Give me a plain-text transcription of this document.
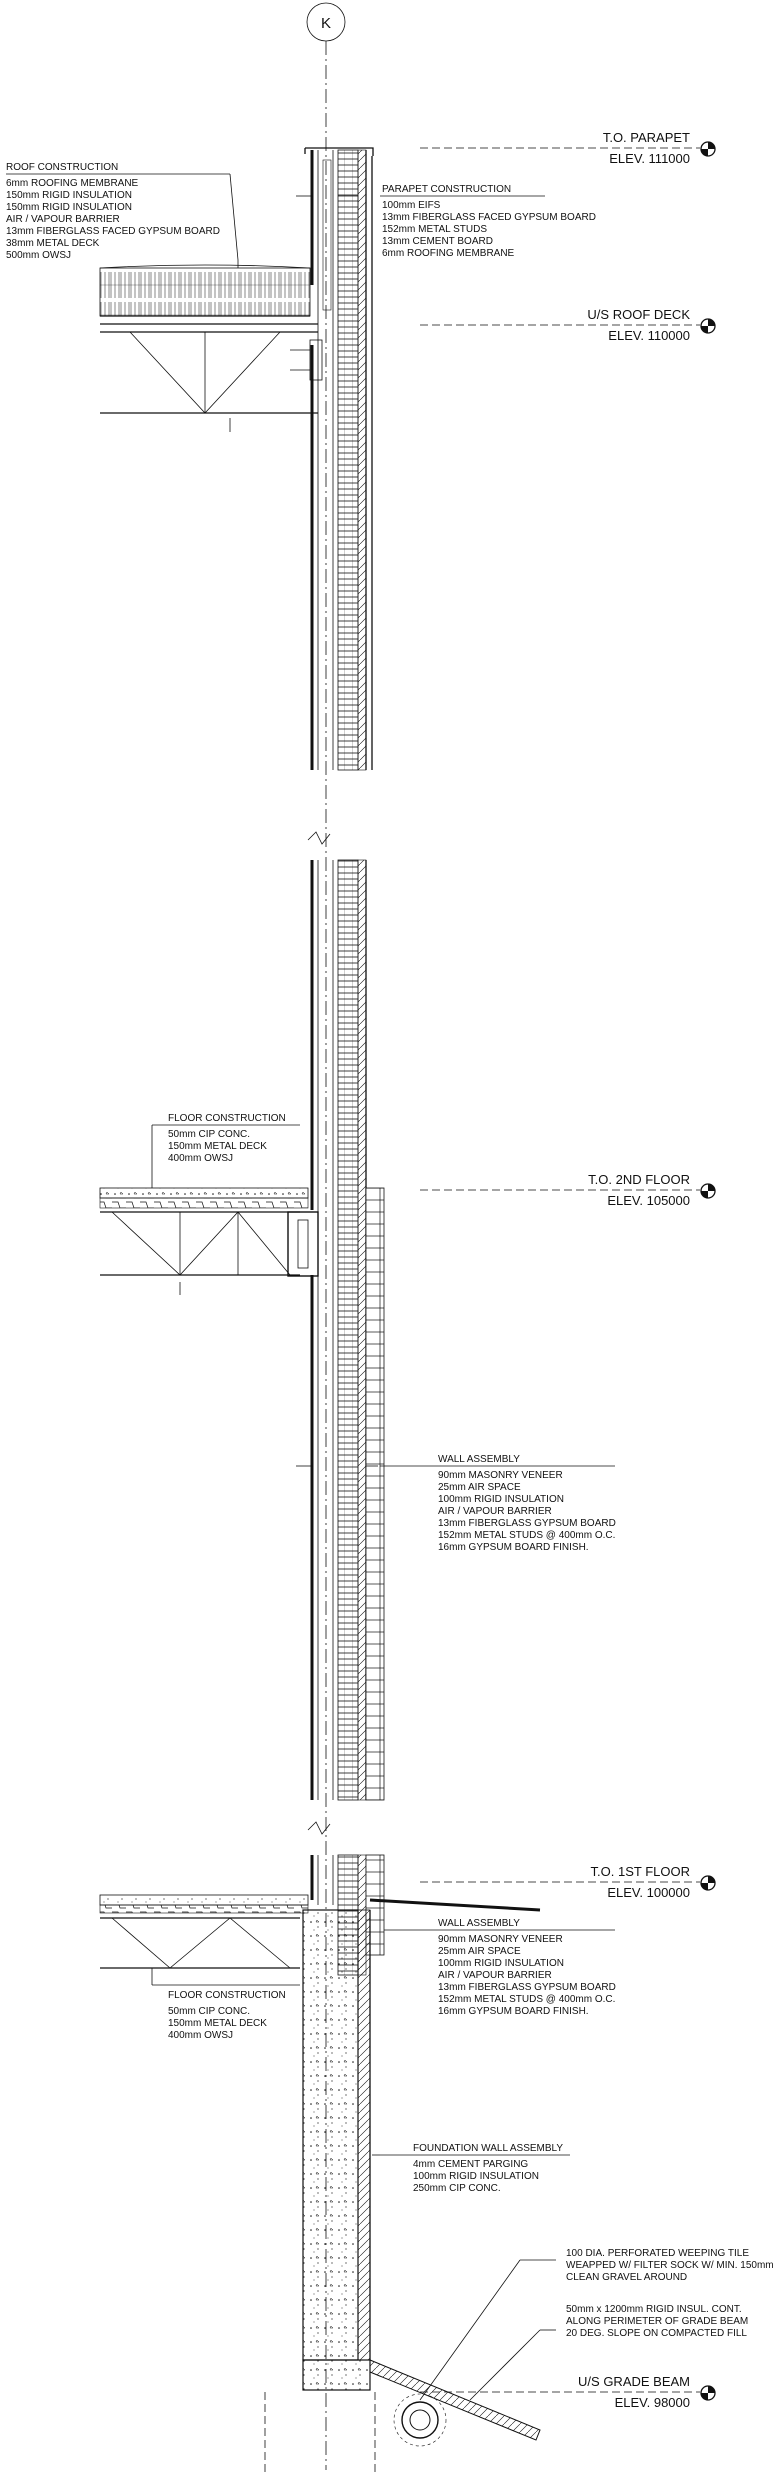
K
T.O. PARAPET
ELEV. 111000
U/S ROOF DECK
ELEV. 110000
T.O. 2ND FLOOR
ELEV. 105000
T.O. 1ST FLOOR
ELEV. 100000
U/S GRADE BEAM
ELEV. 98000
ROOF CONSTRUCTION
6mm ROOFING MEMBRANE
150mm RIGID INSULATION
150mm RIGID INSULATION
AIR / VAPOUR BARRIER
13mm FIBERGLASS FACED GYPSUM BOARD
38mm METAL DECK
500mm OWSJ
PARAPET CONSTRUCTION
100mm EIFS
13mm FIBERGLASS FACED GYPSUM BOARD
152mm METAL STUDS
13mm CEMENT BOARD
6mm ROOFING MEMBRANE
FLOOR CONSTRUCTION
50mm CIP CONC.
150mm METAL DECK
400mm OWSJ
WALL ASSEMBLY
90mm MASONRY VENEER
25mm AIR SPACE
100mm RIGID INSULATION
AIR / VAPOUR BARRIER
13mm FIBERGLASS GYPSUM BOARD
152mm METAL STUDS @ 400mm O.C.
16mm GYPSUM BOARD FINISH.
WALL ASSEMBLY
90mm MASONRY VENEER
25mm AIR SPACE
100mm RIGID INSULATION
AIR / VAPOUR BARRIER
13mm FIBERGLASS GYPSUM BOARD
152mm METAL STUDS @ 400mm O.C.
16mm GYPSUM BOARD FINISH.
FLOOR CONSTRUCTION
50mm CIP CONC.
150mm METAL DECK
400mm OWSJ
FOUNDATION WALL ASSEMBLY
4mm CEMENT PARGING
100mm RIGID INSULATION
250mm CIP CONC.
100 DIA. PERFORATED WEEPING TILE
WEAPPED W/ FILTER SOCK W/ MIN. 150mm
CLEAN GRAVEL AROUND
50mm x 1200mm RIGID INSUL. CONT.
ALONG PERIMETER OF GRADE BEAM
20 DEG. SLOPE ON COMPACTED FILL
